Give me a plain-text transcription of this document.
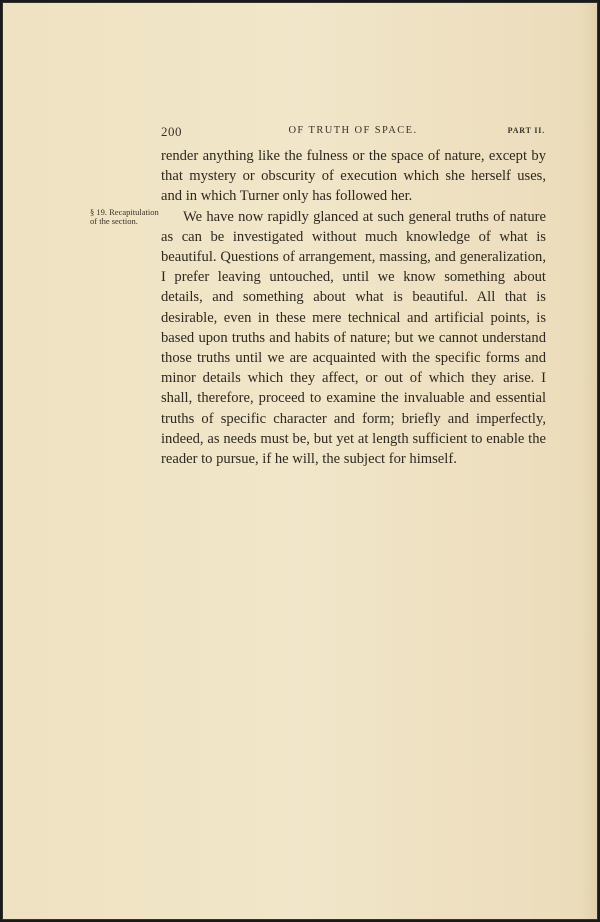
200	OF TRUTH OF SPACE.	PART II.
§ 19. Recapitulation of the section.

render anything like the fulness or the space of nature, except by that mystery or obscurity of execution which she herself uses, and in which Turner only has followed her.

We have now rapidly glanced at such general truths of nature as can be investigated without much knowledge of what is beautiful. Questions of arrangement, massing, and generalization, I prefer leaving untouched, until we know something about details, and something about what is beautiful. All that is desirable, even in these mere technical and artificial points, is based upon truths and habits of nature; but we cannot understand those truths until we are acquainted with the specific forms and minor details which they affect, or out of which they arise. I shall, therefore, proceed to examine the invaluable and essential truths of specific character and form; briefly and imperfectly, indeed, as needs must be, but yet at length sufficient to enable the reader to pursue, if he will, the subject for himself.
